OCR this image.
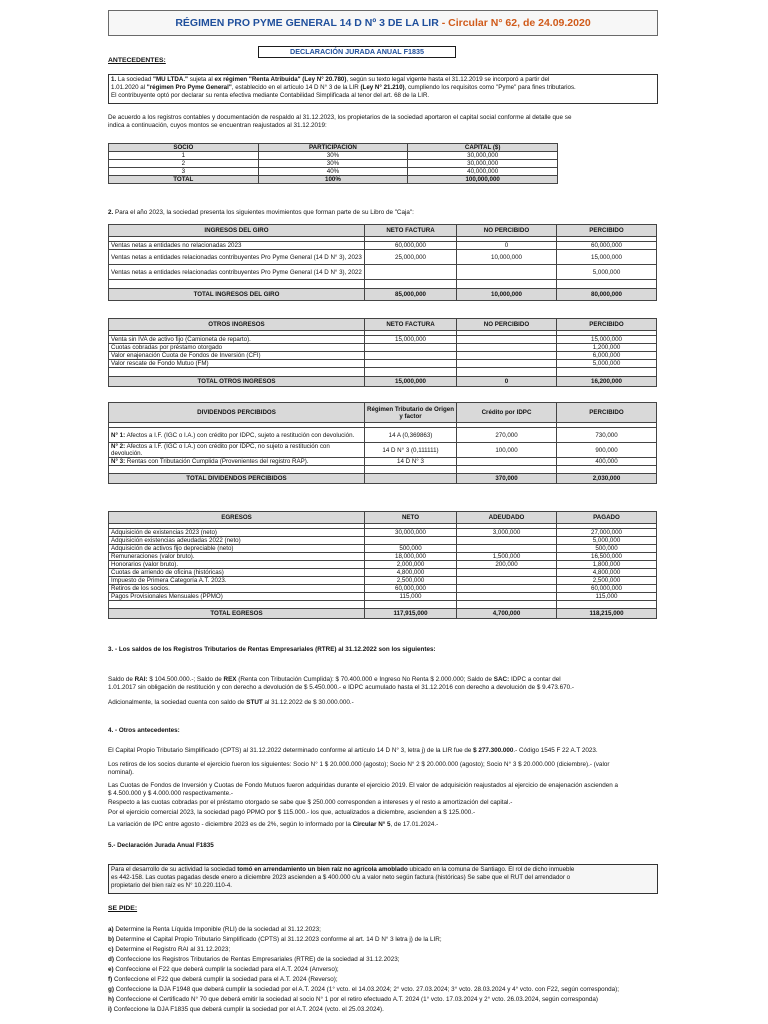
RÉGIMEN PRO PYME GENERAL 14 D Nº 3 DE LA LIR - Circular N° 62, de 24.09.2020
DECLARACIÓN JURADA ANUAL F1835
ANTECEDENTES:
1. La sociedad "MU LTDA." sujeta al ex régimen "Renta Atribuida" (Ley N° 20.780), según su texto legal vigente hasta el 31.12.2019 se incorporó a partir del
1.01.2020 al "régimen Pro Pyme General", establecido en el artículo 14 D N° 3 de la LIR (Ley N° 21.210), cumpliendo los requisitos como "Pyme" para fines tributarios.
El contribuyente optó por declarar su renta efectiva mediante Contabilidad Simplificada al tenor del art. 68 de la LIR.
De acuerdo a los registros contables y documentación de respaldo al 31.12.2023, los propietarios de la sociedad aportaron el capital social conforme al detalle que se
indica a continuación, cuyos montos se encuentran reajustados al 31.12.2019:
SOCIO	PARTICIPACIÓN	CAPITAL ($)
1	30%	30,000,000
2	30%	30,000,000
3	40%	40,000,000
TOTAL	100%	100,000,000
2. Para el año 2023, la sociedad presenta los siguientes movimientos que forman parte de su Libro de "Caja":
INGRESOS DEL GIRO	NETO FACTURA	NO PERCIBIDO	PERCIBIDO

Ventas netas a entidades no relacionadas 2023	60,000,000	0	60,000,000
Ventas netas a entidades relacionadas contribuyentes Pro Pyme General (14 D N° 3), 2023	25,000,000	10,000,000	15,000,000
Ventas netas a entidades relacionadas contribuyentes Pro Pyme General (14 D N° 3), 2022			5,000,000

TOTAL INGRESOS DEL GIRO	85,000,000	10,000,000	80,000,000
OTROS INGRESOS	NETO FACTURA	NO PERCIBIDO	PERCIBIDO

Venta sin IVA de activo fijo (Camioneta de reparto).	15,000,000		15,000,000
Cuotas cobradas por préstamo otorgado			1,200,000
Valor enajenación Cuota de Fondos de Inversión (CFI)			6,000,000
Valor rescate de Fondo Mutuo (FM)			5,000,000

TOTAL OTROS INGRESOS	15,000,000	0	16,200,000
DIVIDENDOS PERCIBIDOS	Régimen Tributario de Origen y factor	Crédito por IDPC	PERCIBIDO

N° 1: Afectos a I.F. (IGC o I.A.) con crédito por IDPC, sujeto a restitución con devolución.	14 A (0,369863)	270,000	730,000
N° 2: Afectos a I.F. (IGC o I.A.) con crédito por IDPC, no sujeto a restitución con devolución.	14 D N° 3 (0,111111)	100,000	900,000
N° 3: Rentas con Tributación Cumplida (Provenientes del registro RAP).	14 D N° 3		400,000

TOTAL DIVIDENDOS PERCIBIDOS		370,000	2,030,000
EGRESOS	NETO	ADEUDADO	PAGADO

Adquisición de existencias 2023 (neto)	30,000,000	3,000,000	27,000,000
Adquisición existencias adeudadas 2022 (neto)			5,000,000
Adquisición de activos fijo depreciable (neto)	500,000		500,000
Remuneraciones (valor bruto).	18,000,000	1,500,000	16,500,000
Honorarios (valor bruto).	2,000,000	200,000	1,800,000
Cuotas de arriendo de oficina (históricas)	4,800,000		4,800,000
Impuesto de Primera Categoría A.T. 2023.	2,500,000		2,500,000
Retiros de los socios.	60,000,000		60,000,000
Pagos Provisionales Mensuales (PPMO)	115,000		115,000

TOTAL EGRESOS	117,915,000	4,700,000	118,215,000
3. - Los saldos de los Registros Tributarios de Rentas Empresariales (RTRE) al 31.12.2022 son los siguientes:
Saldo de RAI: $ 104.500.000.-; Saldo de REX (Renta con Tributación Cumplida): $ 70.400.000 e Ingreso No Renta $ 2.000.000; Saldo de SAC: IDPC a contar del
1.01.2017 sin obligación de restitución y con derecho a devolución de $ 5.450.000.- e IDPC acumulado hasta el 31.12.2016 con derecho a devolución de $ 9.473.670.-
Adicionalmente, la sociedad cuenta con saldo de STUT al 31.12.2022 de $ 30.000.000.-
4. - Otros antecedentes:
El Capital Propio Tributario Simplificado (CPTS) al 31.12.2022 determinado conforme al artículo 14 D N° 3, letra j) de la LIR fue de $ 277.300.000.- Código 1545 F 22 A.T 2023.
Los retiros de los socios durante el ejercicio fueron los siguientes: Socio N° 1 $ 20.000.000 (agosto); Socio N° 2 $ 20.000.000 (agosto); Socio N° 3 $ 20.000.000 (diciembre).- (valor
nominal).
Las Cuotas de Fondos de Inversión y Cuotas de Fondo Mutuos fueron adquiridas durante el ejercicio 2019. El valor de adquisición reajustados al ejercicio de enajenación ascienden a
$ 4.500.000 y $ 4.000.000 respectivamente.-
Respecto a las cuotas cobradas por el préstamo otorgado se sabe que $ 250.000 corresponden a intereses y el resto a amortización del capital.-
Por el ejercicio comercial 2023, la sociedad pagó PPMO por $ 115.000.- los que, actualizados a diciembre, ascienden a $ 125.000.-
La variación de IPC entre agosto - diciembre 2023 es de 2%, según lo informado por la Circular N° 5, de 17.01.2024.-
5.- Declaración Jurada Anual F1835
Para el desarrollo de su actividad la sociedad tomó en arrendamiento un bien raíz no agrícola amoblado ubicado en la comuna de Santiago. El rol de dicho inmueble
es 442-158. Las cuotas pagadas desde enero a diciembre 2023 ascienden a $ 400.000 c/u a valor neto según factura (históricas) Se sabe que el RUT del arrendador o
propietario del bien raíz es N° 10.220.110-4.
SE PIDE:
a) Determine la Renta Líquida Imponible (RLI) de la sociedad al 31.12.2023;
b) Determine el Capital Propio Tributario Simplificado (CPTS) al 31.12.2023 conforme al art. 14 D N° 3 letra j) de la LIR;
c) Determine el Registro RAI al 31.12.2023;
d) Confeccione los Registros Tributarios de Rentas Empresariales (RTRE) de la sociedad al 31.12.2023;
e) Confeccione el F22 que deberá cumplir la sociedad para el A.T. 2024 (Anverso);
f) Confeccione el F22 que deberá cumplir la sociedad para el A.T. 2024 (Reverso);
g) Confeccione la DJA F1948 que deberá cumplir la sociedad por el A.T. 2024 (1° vcto. el 14.03.2024; 2° vcto. 27.03.2024; 3° vcto. 28.03.2024 y 4° vcto. con F22, según corresponda);
h) Confeccione el Certificado N° 70 que deberá emitir la sociedad al socio N° 1 por el retiro efectuado A.T. 2024 (1° vcto. 17.03.2024 y 2° vcto. 26.03.2024, según corresponda)
i) Confeccione la DJA F1835 que deberá cumplir la sociedad por el A.T. 2024 (vcto. el 25.03.2024).
